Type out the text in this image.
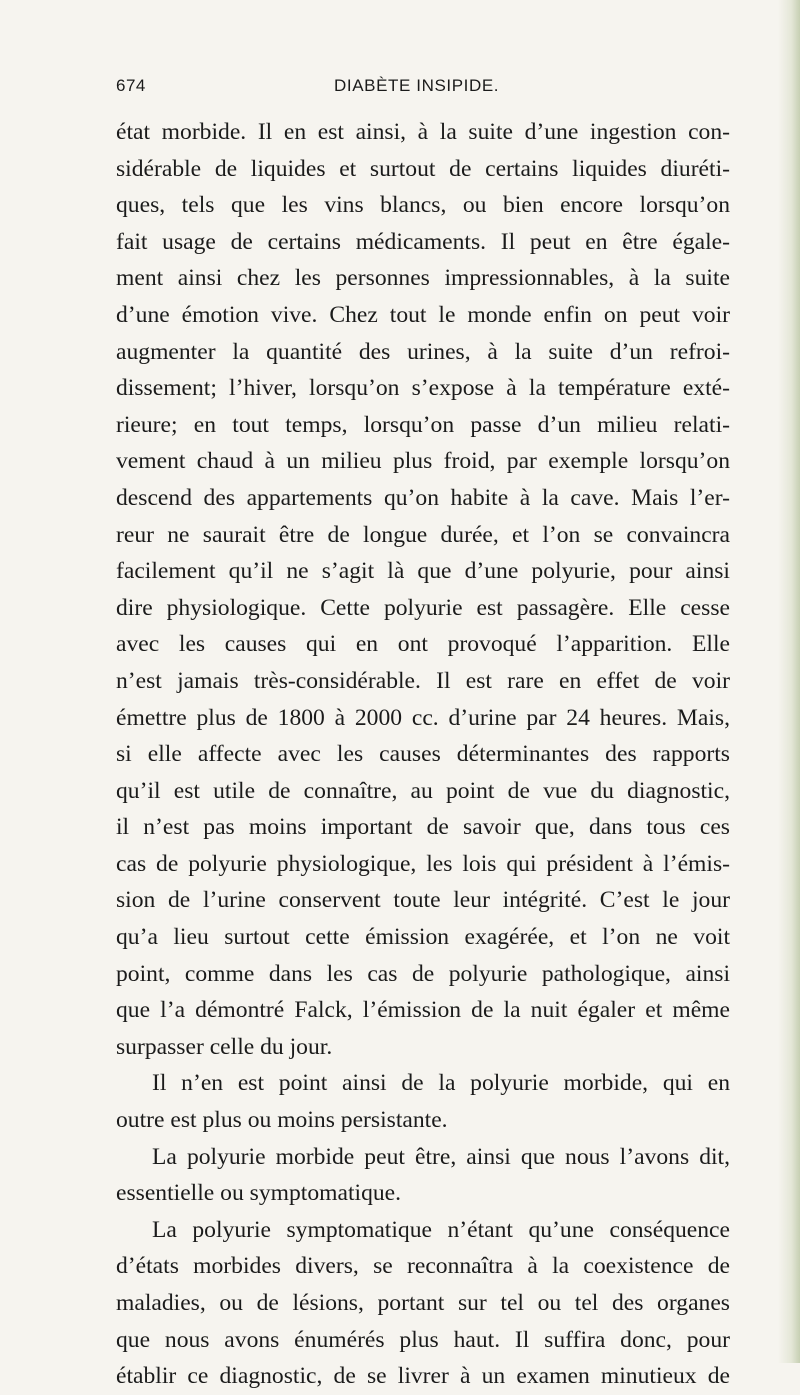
674	DIABÈTE INSIPIDE.
état morbide. Il en est ainsi, à la suite d’une ingestion con-
sidérable de liquides et surtout de certains liquides diuréti-
ques, tels que les vins blancs, ou bien encore lorsqu’on
fait usage de certains médicaments. Il peut en être égale-
ment ainsi chez les personnes impressionnables, à la suite
d’une émotion vive. Chez tout le monde enfin on peut voir
augmenter la quantité des urines, à la suite d’un refroi-
dissement; l’hiver, lorsqu’on s’expose à la température exté-
rieure; en tout temps, lorsqu’on passe d’un milieu relati-
vement chaud à un milieu plus froid, par exemple lorsqu’on
descend des appartements qu’on habite à la cave. Mais l’er-
reur ne saurait être de longue durée, et l’on se convaincra
facilement qu’il ne s’agit là que d’une polyurie, pour ainsi
dire physiologique. Cette polyurie est passagère. Elle cesse
avec les causes qui en ont provoqué l’apparition. Elle
n’est jamais très-considérable. Il est rare en effet de voir
émettre plus de 1800 à 2000 cc. d’urine par 24 heures. Mais,
si elle affecte avec les causes déterminantes des rapports
qu’il est utile de connaître, au point de vue du diagnostic,
il n’est pas moins important de savoir que, dans tous ces
cas de polyurie physiologique, les lois qui président à l’émis-
sion de l’urine conservent toute leur intégrité. C’est le jour
qu’a lieu surtout cette émission exagérée, et l’on ne voit
point, comme dans les cas de polyurie pathologique, ainsi
que l’a démontré Falck, l’émission de la nuit égaler et même
surpasser celle du jour.
Il n’en est point ainsi de la polyurie morbide, qui en
outre est plus ou moins persistante.
La polyurie morbide peut être, ainsi que nous l’avons dit,
essentielle ou symptomatique.
La polyurie symptomatique n’étant qu’une conséquence
d’états morbides divers, se reconnaîtra à la coexistence de
maladies, ou de lésions, portant sur tel ou tel des organes
que nous avons énumérés plus haut. Il suffira donc, pour
établir ce diagnostic, de se livrer à un examen minutieux de
